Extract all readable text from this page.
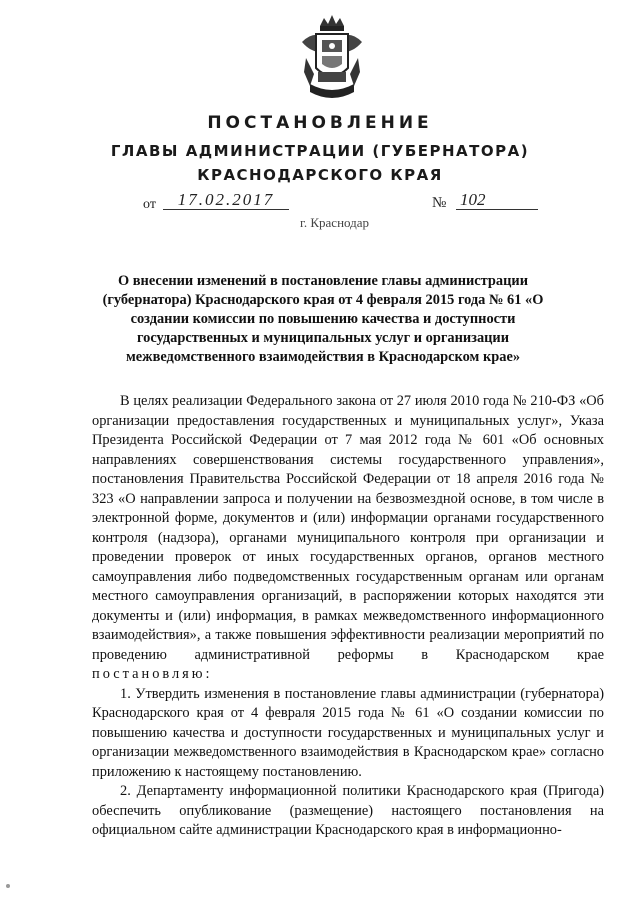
ПОСТАНОВЛЕНИЕ
ГЛАВЫ АДМИНИСТРАЦИИ (ГУБЕРНАТОРА)
КРАСНОДАРСКОГО КРАЯ
от	17.02.2017	№ 102
г. Краснодар
О внесении изменений в постановление главы администрации (губернатора) Краснодарского края от 4 февраля 2015 года № 61 «О создании комиссии по повышению качества и доступности государственных и муниципальных услуг и организации межведомственного взаимодействия в Краснодарском крае»

В целях реализации Федерального закона от 27 июля 2010 года № 210-ФЗ «Об организации предоставления государственных и муниципальных услуг», Указа Президента Российской Федерации от 7 мая 2012 года № 601 «Об основных направлениях совершенствования системы государственного управления», постановления Правительства Российской Федерации от 18 апреля 2016 года № 323 «О направлении запроса и получении на безвозмездной основе, в том числе в электронной форме, документов и (или) информации органами государственного контроля (надзора), органами муниципального контроля при организации и проведении проверок от иных государственных органов, органов местного самоуправления либо подведомственных государственным органам или органам местного самоуправления организаций, в распоряжении которых находятся эти документы и (или) информация, в рамках межведомственного информационного взаимодействия», а также повышения эффективности реализации мероприятий по проведению административной реформы в Краснодарском крае постановляю:

1. Утвердить изменения в постановление главы администрации (губернатора) Краснодарского края от 4 февраля 2015 года № 61 «О создании комиссии по повышению качества и доступности государственных и муниципальных услуг и организации межведомственного взаимодействия в Краснодарском крае» согласно приложению к настоящему постановлению.

2. Департаменту информационной политики Краснодарского края (Пригода) обеспечить опубликование (размещение) настоящего постановления на официальном сайте администрации Краснодарского края в информационно-
